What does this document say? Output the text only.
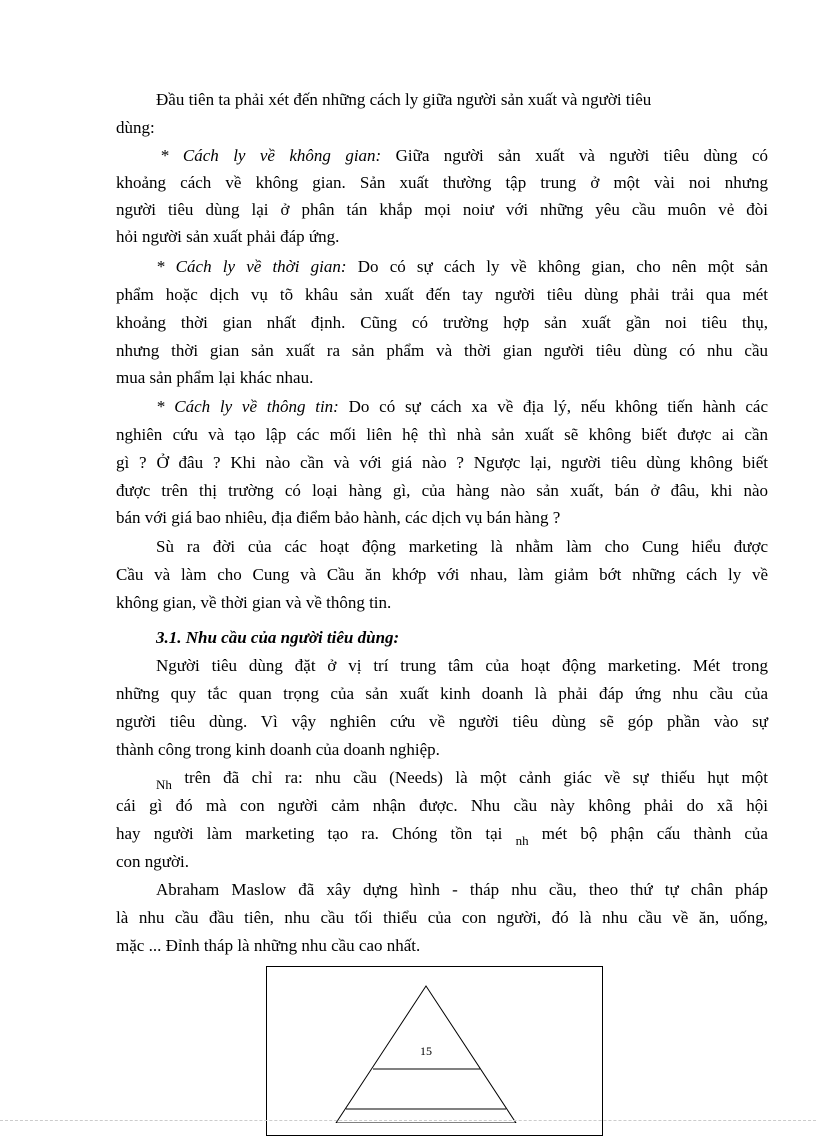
Đầu tiên ta phải xét đến những cách ly giữa người sản xuất và người tiêu
dùng:
* Cách ly về không gian: Giữa người sản xuất và người tiêu dùng có
khoảng cách về không gian. Sản xuất thường tập trung ở một vài noi nhưng
người tiêu dùng lại ở phân tán khắp mọi noiư với những yêu cầu muôn vẻ đòi
hỏi người sản xuất phải đáp ứng.
* Cách ly về thời gian: Do có sự cách ly về không gian, cho nên một sản
phẩm hoặc dịch vụ tõ khâu sản xuất đến tay người tiêu dùng phải trải qua mét
khoảng thời gian nhất định. Cũng có trường hợp sản xuất gần noi tiêu thụ,
nhưng thời gian sản xuất ra sản phẩm và thời gian người tiêu dùng có nhu cầu
mua sản phẩm lại khác nhau.
* Cách ly về thông tin: Do có sự cách xa về địa lý, nếu không tiến hành các
nghiên cứu và tạo lập các mối liên hệ thì nhà sản xuất sẽ không biết được ai cần
gì ? Ở đâu ? Khi nào cần và với giá nào ? Ngược lại, người tiêu dùng không biết
được trên thị trường có loại hàng gì, của hàng nào sản xuất, bán ở đâu, khi nào
bán với giá bao nhiêu, địa điểm bảo hành, các dịch vụ bán hàng ?
Sù ra đời của các hoạt động marketing là nhằm làm cho Cung hiểu được
Cầu và làm cho Cung và Cầu ăn khớp với nhau, làm giảm bớt những cách ly về
không gian, về thời gian và về thông tin.
3.1. Nhu cầu của người tiêu dùng:
Người tiêu dùng đặt ở vị trí trung tâm của hoạt động marketing. Mét trong
những quy tắc quan trọng của sản xuất kinh doanh là phải đáp ứng nhu cầu của
người tiêu dùng. Vì vậy nghiên cứu về người tiêu dùng sẽ góp phần vào sự
thành công trong kinh doanh của doanh nghiệp.
$_{Nh}$ trên đã chỉ ra: nhu cầu (Needs) là một cảnh giác về sự thiếu hụt một
cái gì đó mà con người cảm nhận được. Nhu cầu này không phải do xã hội
hay người làm marketing tạo ra. Chóng tồn tại $_{nh}$ mét bộ phận cấu thành của
con người.
Abraham Maslow đã xây dựng hình - tháp nhu cầu, theo thứ tự chân pháp
là nhu cầu đầu tiên, nhu cầu tối thiểu của con người, đó là nhu cầu về ăn, uống,
mặc ... Đỉnh tháp là những nhu cầu cao nhất.
15
